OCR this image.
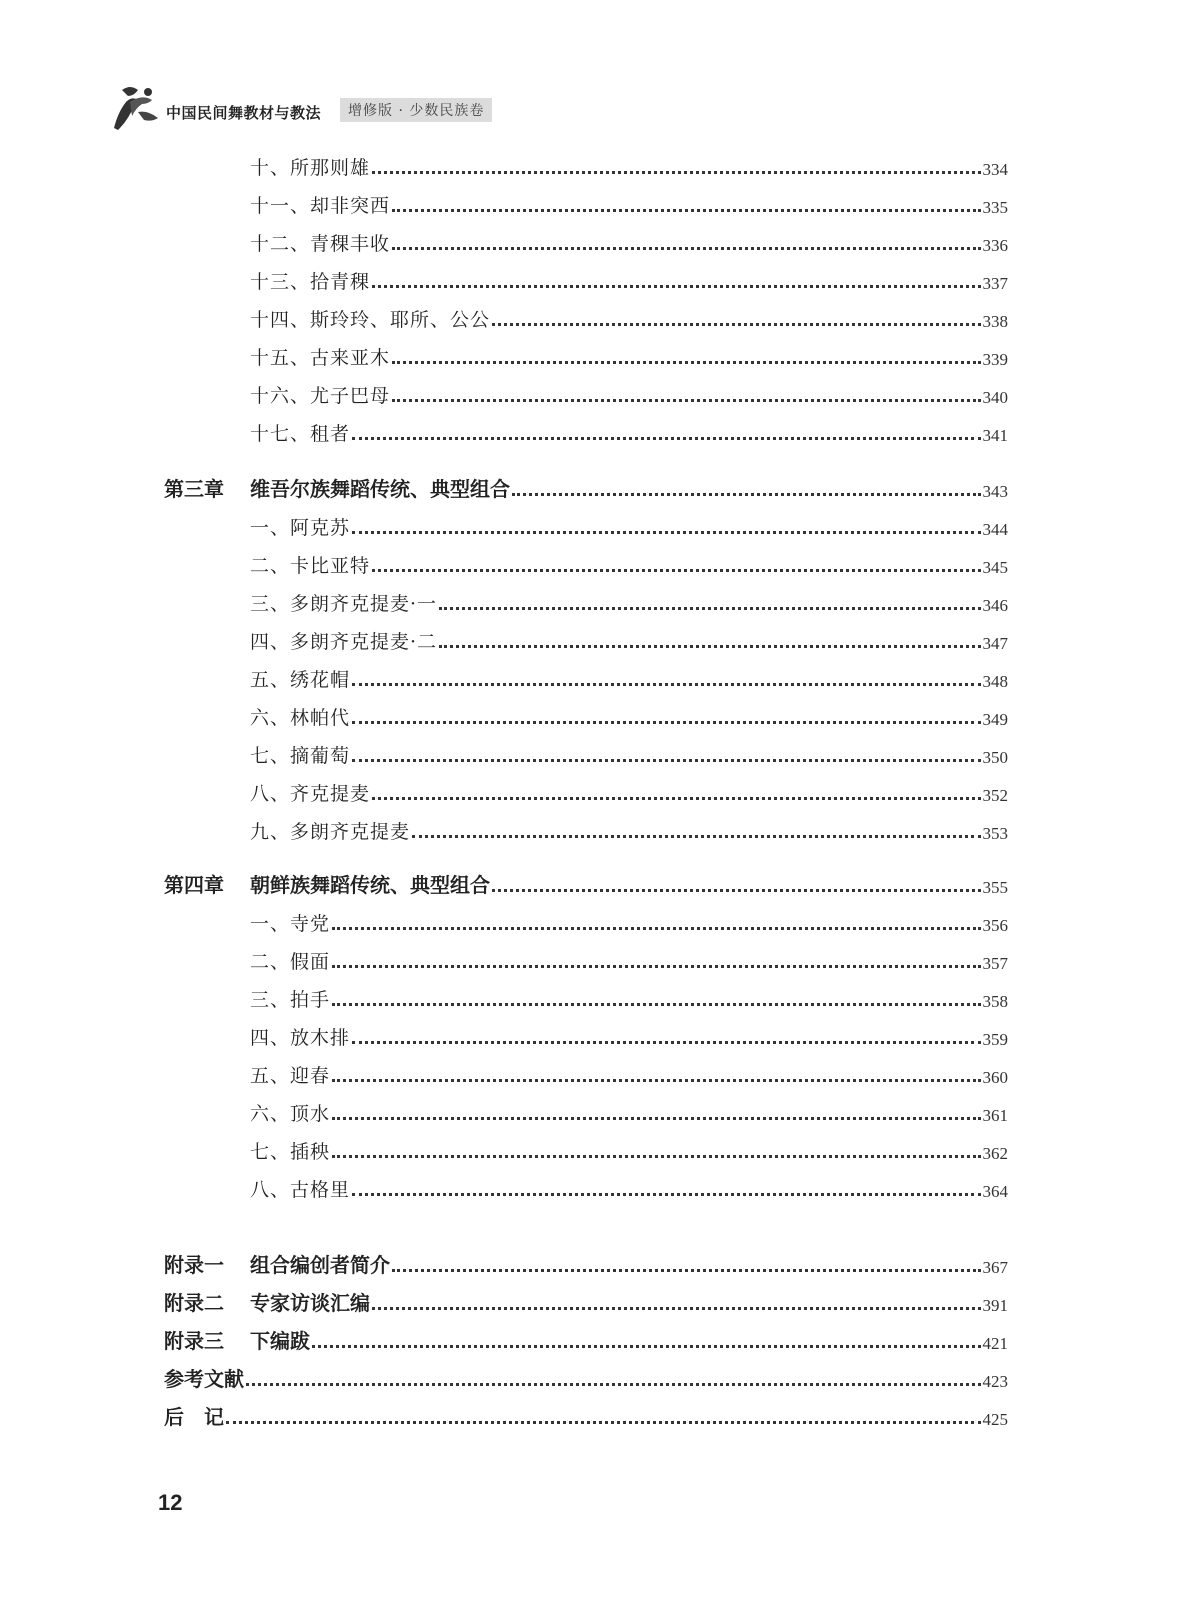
中国民间舞教材与教法	增修版 · 少数民族卷
十、所那则雄	334
十一、却非突西	335
十二、青稞丰收	336
十三、拾青稞	337
十四、斯玲玲、耶所、公公	338
十五、古来亚木	339
十六、尤子巴母	340
十七、租者	341
第三章 维吾尔族舞蹈传统、典型组合	343
一、阿克苏	344
二、卡比亚特	345
三、多朗齐克提麦·一	346
四、多朗齐克提麦·二	347
五、绣花帽	348
六、林帕代	349
七、摘葡萄	350
八、齐克提麦	352
九、多朗齐克提麦	353
第四章 朝鲜族舞蹈传统、典型组合	355
一、寺党	356
二、假面	357
三、拍手	358
四、放木排	359
五、迎春	360
六、顶水	361
七、插秧	362
八、古格里	364
附录一 组合编创者简介	367
附录二 专家访谈汇编	391
附录三 下编跋	421
参考文献	423
后　记	425
12
